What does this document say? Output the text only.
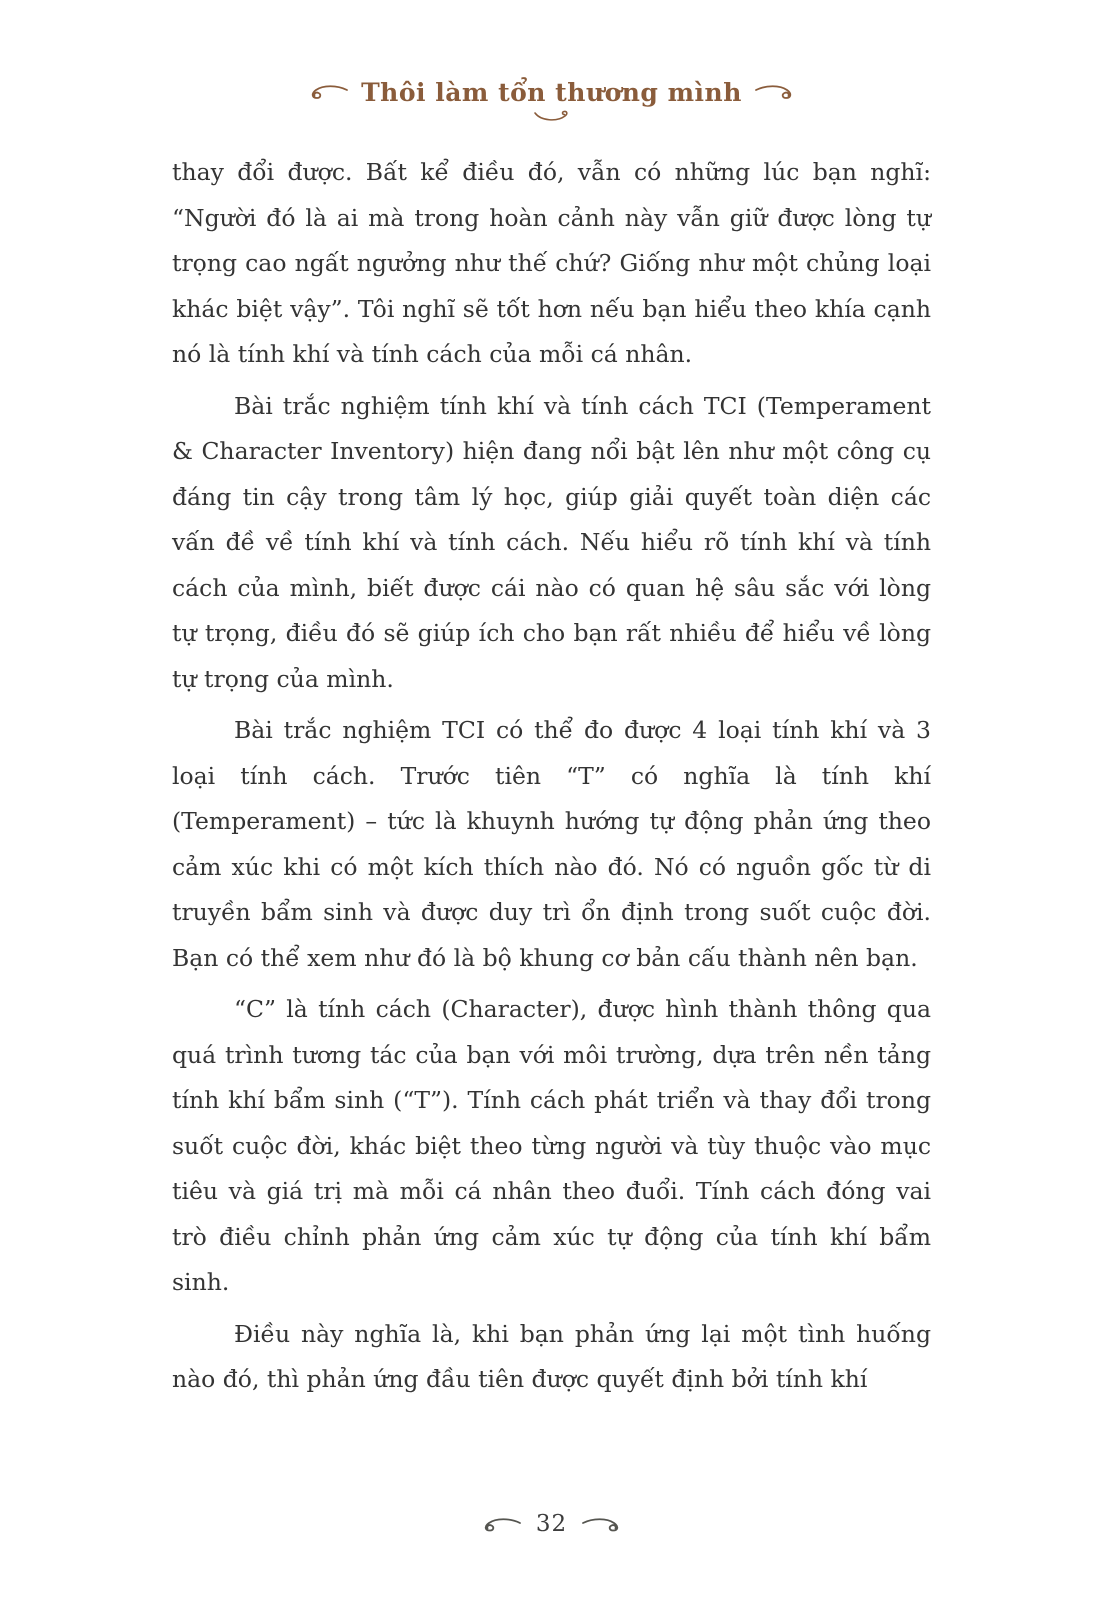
Thôi làm tổn thương mình

thay đổi được. Bất kể điều đó, vẫn có những lúc bạn nghĩ: “Người đó là ai mà trong hoàn cảnh này vẫn giữ được lòng tự trọng cao ngất ngưởng như thế chứ? Giống như một chủng loại khác biệt vậy”. Tôi nghĩ sẽ tốt hơn nếu bạn hiểu theo khía cạnh nó là tính khí và tính cách của mỗi cá nhân.

Bài trắc nghiệm tính khí và tính cách TCI (Temperament & Character Inventory) hiện đang nổi bật lên như một công cụ đáng tin cậy trong tâm lý học, giúp giải quyết toàn diện các vấn đề về tính khí và tính cách. Nếu hiểu rõ tính khí và tính cách của mình, biết được cái nào có quan hệ sâu sắc với lòng tự trọng, điều đó sẽ giúp ích cho bạn rất nhiều để hiểu về lòng tự trọng của mình.

Bài trắc nghiệm TCI có thể đo được 4 loại tính khí và 3 loại tính cách. Trước tiên “T” có nghĩa là tính khí (Temperament) – tức là khuynh hướng tự động phản ứng theo cảm xúc khi có một kích thích nào đó. Nó có nguồn gốc từ di truyền bẩm sinh và được duy trì ổn định trong suốt cuộc đời. Bạn có thể xem như đó là bộ khung cơ bản cấu thành nên bạn.

“C” là tính cách (Character), được hình thành thông qua quá trình tương tác của bạn với môi trường, dựa trên nền tảng tính khí bẩm sinh (“T”). Tính cách phát triển và thay đổi trong suốt cuộc đời, khác biệt theo từng người và tùy thuộc vào mục tiêu và giá trị mà mỗi cá nhân theo đuổi. Tính cách đóng vai trò điều chỉnh phản ứng cảm xúc tự động của tính khí bẩm sinh.

Điều này nghĩa là, khi bạn phản ứng lại một tình huống nào đó, thì phản ứng đầu tiên được quyết định bởi tính khí

32
